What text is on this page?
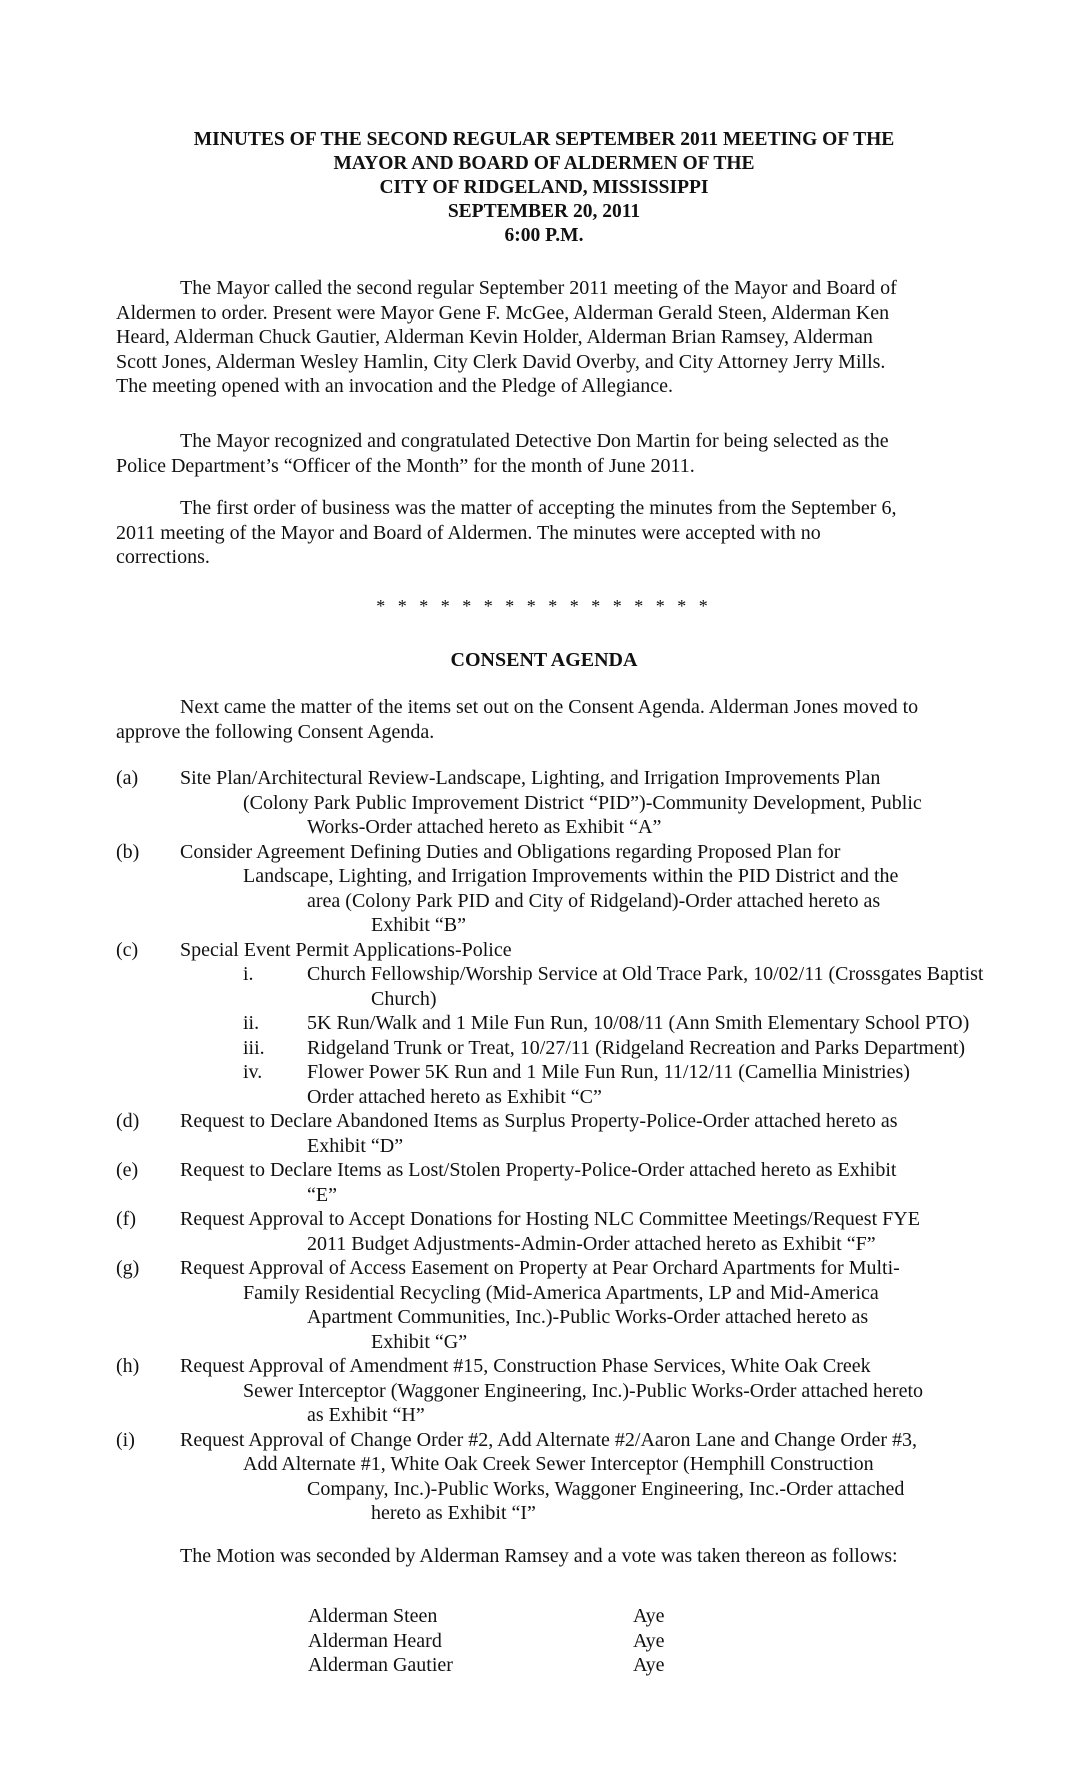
MINUTES OF THE SECOND REGULAR SEPTEMBER 2011 MEETING OF THE
MAYOR AND BOARD OF ALDERMEN OF THE
CITY OF RIDGELAND, MISSISSIPPI
SEPTEMBER 20, 2011
6:00 P.M.
The Mayor called the second regular September 2011 meeting of the Mayor and Board of
Aldermen to order. Present were Mayor Gene F. McGee, Alderman Gerald Steen, Alderman Ken
Heard, Alderman Chuck Gautier, Alderman Kevin Holder, Alderman Brian Ramsey, Alderman
Scott Jones, Alderman Wesley Hamlin, City Clerk David Overby, and City Attorney Jerry Mills.
The meeting opened with an invocation and the Pledge of Allegiance.
The Mayor recognized and congratulated Detective Don Martin for being selected as the
Police Department’s “Officer of the Month” for the month of June 2011.
The first order of business was the matter of accepting the minutes from the September 6,
2011 meeting of the Mayor and Board of Aldermen. The minutes were accepted with no
corrections.
* * * * * * * * * * * * * * * *
CONSENT AGENDA
Next came the matter of the items set out on the Consent Agenda. Alderman Jones moved to
approve the following Consent Agenda.
(a)	Site Plan/Architectural Review-Landscape, Lighting, and Irrigation Improvements Plan
(Colony Park Public Improvement District “PID”)-Community Development, Public
Works-Order attached hereto as Exhibit “A”
(b)	Consider Agreement Defining Duties and Obligations regarding Proposed Plan for
Landscape, Lighting, and Irrigation Improvements within the PID District and the
area (Colony Park PID and City of Ridgeland)-Order attached hereto as
Exhibit “B”
(c)	Special Event Permit Applications-Police
i.	Church Fellowship/Worship Service at Old Trace Park, 10/02/11 (Crossgates Baptist
Church)
ii.	5K Run/Walk and 1 Mile Fun Run, 10/08/11 (Ann Smith Elementary School PTO)
iii.	Ridgeland Trunk or Treat, 10/27/11 (Ridgeland Recreation and Parks Department)
iv.	Flower Power 5K Run and 1 Mile Fun Run, 11/12/11 (Camellia Ministries)
Order attached hereto as Exhibit “C”
(d)	Request to Declare Abandoned Items as Surplus Property-Police-Order attached hereto as
Exhibit “D”
(e)	Request to Declare Items as Lost/Stolen Property-Police-Order attached hereto as Exhibit
“E”
(f)	Request Approval to Accept Donations for Hosting NLC Committee Meetings/Request FYE
2011 Budget Adjustments-Admin-Order attached hereto as Exhibit “F”
(g)	Request Approval of Access Easement on Property at Pear Orchard Apartments for Multi-
Family Residential Recycling (Mid-America Apartments, LP and Mid-America
Apartment Communities, Inc.)-Public Works-Order attached hereto as
Exhibit “G”
(h)	Request Approval of Amendment #15, Construction Phase Services, White Oak Creek
Sewer Interceptor (Waggoner Engineering, Inc.)-Public Works-Order attached hereto
as Exhibit “H”
(i)	Request Approval of Change Order #2, Add Alternate #2/Aaron Lane and Change Order #3,
Add Alternate #1, White Oak Creek Sewer Interceptor (Hemphill Construction
Company, Inc.)-Public Works, Waggoner Engineering, Inc.-Order attached
hereto as Exhibit “I”
The Motion was seconded by Alderman Ramsey and a vote was taken thereon as follows:
Alderman Steen	Aye
Alderman Heard	Aye
Alderman Gautier	Aye
